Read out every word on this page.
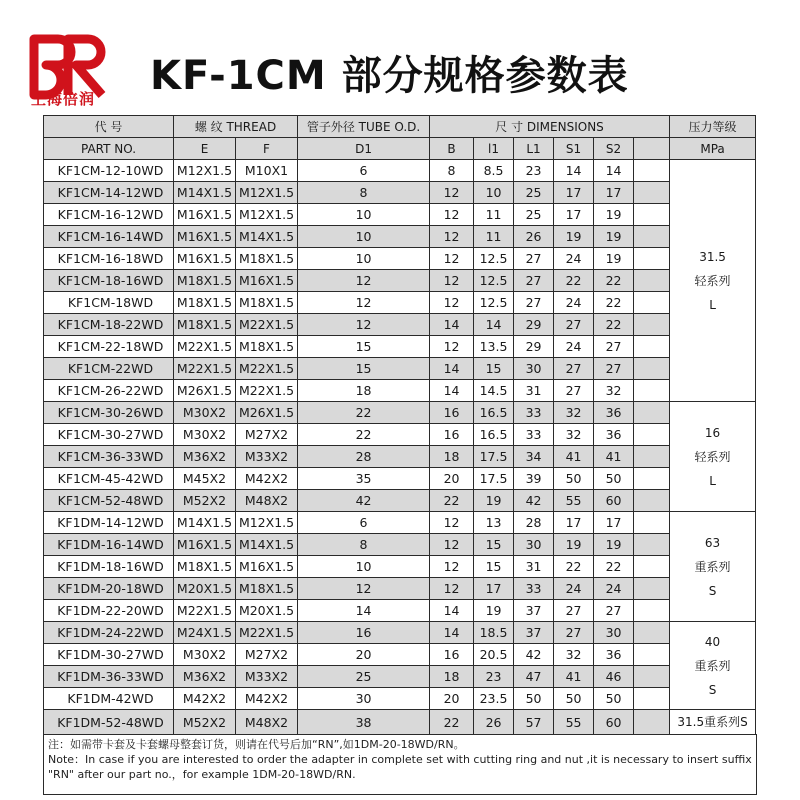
上海倍润 KF-1CM 部分规格参数表
代 号	螺 纹 THREAD		管子外径 TUBE O.D.	尺 寸 DIMENSIONS						压力等级
PART NO.	E	F	D1	B	l1	L1	S1	S2		MPa
KF1CM-12-10WD	M12X1.5	M10X1	6	8	8.5	23	14	14		31.5
轻系列
L

KF1CM-14-12WD	M14X1.5	M12X1.5	8	12	10	25	17	17		
KF1CM-16-12WD	M16X1.5	M12X1.5	10	12	11	25	17	19		
KF1CM-16-14WD	M16X1.5	M14X1.5	10	12	11	26	19	19		
KF1CM-16-18WD	M16X1.5	M18X1.5	10	12	12.5	27	24	19		
KF1CM-18-16WD	M18X1.5	M16X1.5	12	12	12.5	27	22	22		
KF1CM-18WD	M18X1.5	M18X1.5	12	12	12.5	27	24	22		
KF1CM-18-22WD	M18X1.5	M22X1.5	12	14	14	29	27	22		
KF1CM-22-18WD	M22X1.5	M18X1.5	15	12	13.5	29	24	27		
KF1CM-22WD	M22X1.5	M22X1.5	15	14	15	30	27	27		
KF1CM-26-22WD	M26X1.5	M22X1.5	18	14	14.5	31	27	32		
KF1CM-30-26WD	M30X2	M26X1.5	22	16	16.5	33	32	36		16
轻系列
L

KF1CM-30-27WD	M30X2	M27X2	22	16	16.5	33	32	36		
KF1CM-36-33WD	M36X2	M33X2	28	18	17.5	34	41	41		
KF1CM-45-42WD	M45X2	M42X2	35	20	17.5	39	50	50		
KF1CM-52-48WD	M52X2	M48X2	42	22	19	42	55	60		
KF1DM-14-12WD	M14X1.5	M12X1.5	6	12	13	28	17	17		63
重系列
S

KF1DM-16-14WD	M16X1.5	M14X1.5	8	12	15	30	19	19		
KF1DM-18-16WD	M18X1.5	M16X1.5	10	12	15	31	22	22		
KF1DM-20-18WD	M20X1.5	M18X1.5	12	12	17	33	24	24		
KF1DM-22-20WD	M22X1.5	M20X1.5	14	14	19	37	27	27		
KF1DM-24-22WD	M24X1.5	M22X1.5	16	14	18.5	37	27	30		40
重系列
S

KF1DM-30-27WD	M30X2	M27X2	20	16	20.5	42	32	36		
KF1DM-36-33WD	M36X2	M33X2	25	18	23	47	41	46		
KF1DM-42WD	M42X2	M42X2	30	20	23.5	50	50	50		
KF1DM-52-48WD	M52X2	M48X2	38	22	26	57	55	60		31.5重系列S
注：如需带卡套及卡套螺母整套订货，则请在代号后加“RN”,如1DM-20-18WD/RN。
Note：In case if you are interested to order the adapter in complete set with cutting ring and nut ,it is necessary to insert suffix
"RN" after our part no.，for example 1DM-20-18WD/RN.
